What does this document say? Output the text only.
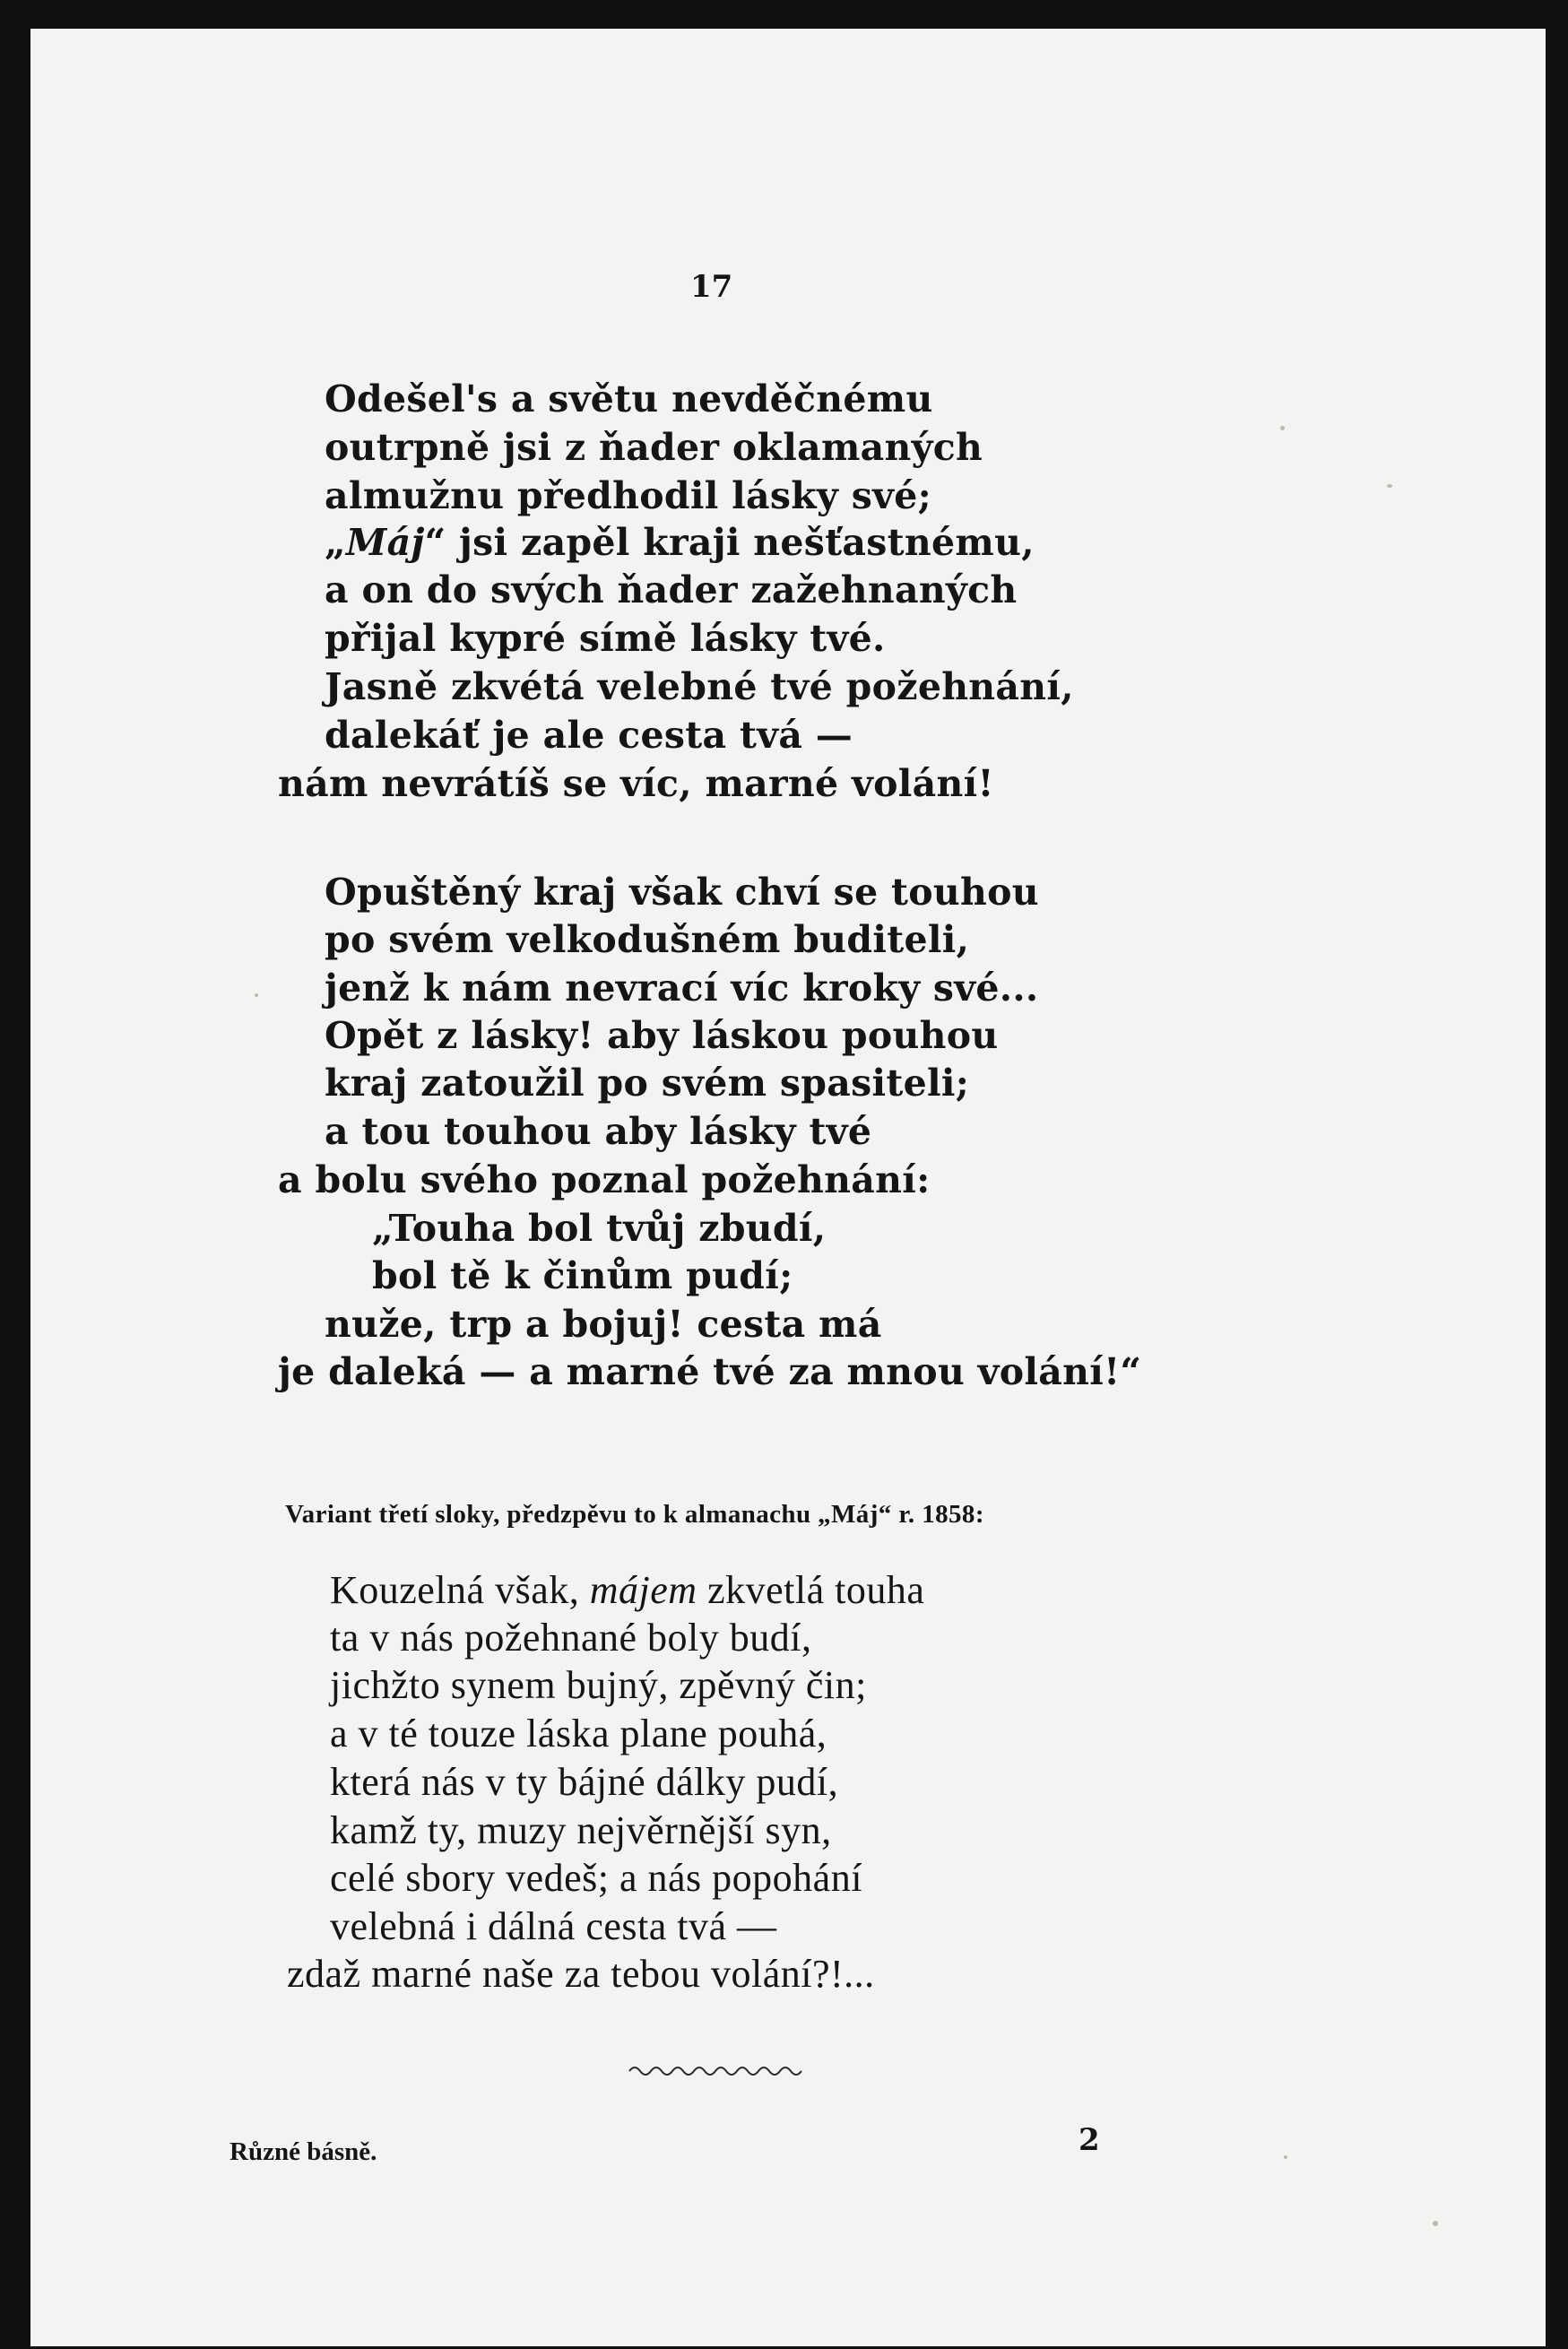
17
Odešel's a světu nevděčnému
outrpně jsi z ňader oklamaných
almužnu předhodil lásky své;
„Máj“ jsi zapěl kraji nešťastnému,
a on do svých ňader zažehnaných
přijal kypré símě lásky tvé.
Jasně zkvétá velebné tvé požehnání,
dalekáť je ale cesta tvá —
nám nevrátíš se víc, marné volání!
Opuštěný kraj však chví se touhou
po svém velkodušném buditeli,
jenž k nám nevrací víc kroky své...
Opět z lásky! aby láskou pouhou
kraj zatoužil po svém spasiteli;
a tou touhou aby lásky tvé
a bolu svého poznal požehnání:
„Touha bol tvůj zbudí,
bol tě k činům pudí;
nuže, trp a bojuj! cesta má
je daleká — a marné tvé za mnou volání!“
Variant třetí sloky, předzpěvu to k almanachu „Máj“ r. 1858:
Kouzelná však, májem zkvetlá touha
ta v nás požehnané boly budí,
jichžto synem bujný, zpěvný čin;
a v té touze láska plane pouhá,
která nás v ty bájné dálky pudí,
kamž ty, muzy nejvěrnější syn,
celé sbory vedeš; a nás popohání
velebná i dálná cesta tvá —
zdaž marné naše za tebou volání?!...
Různé básně.	2
